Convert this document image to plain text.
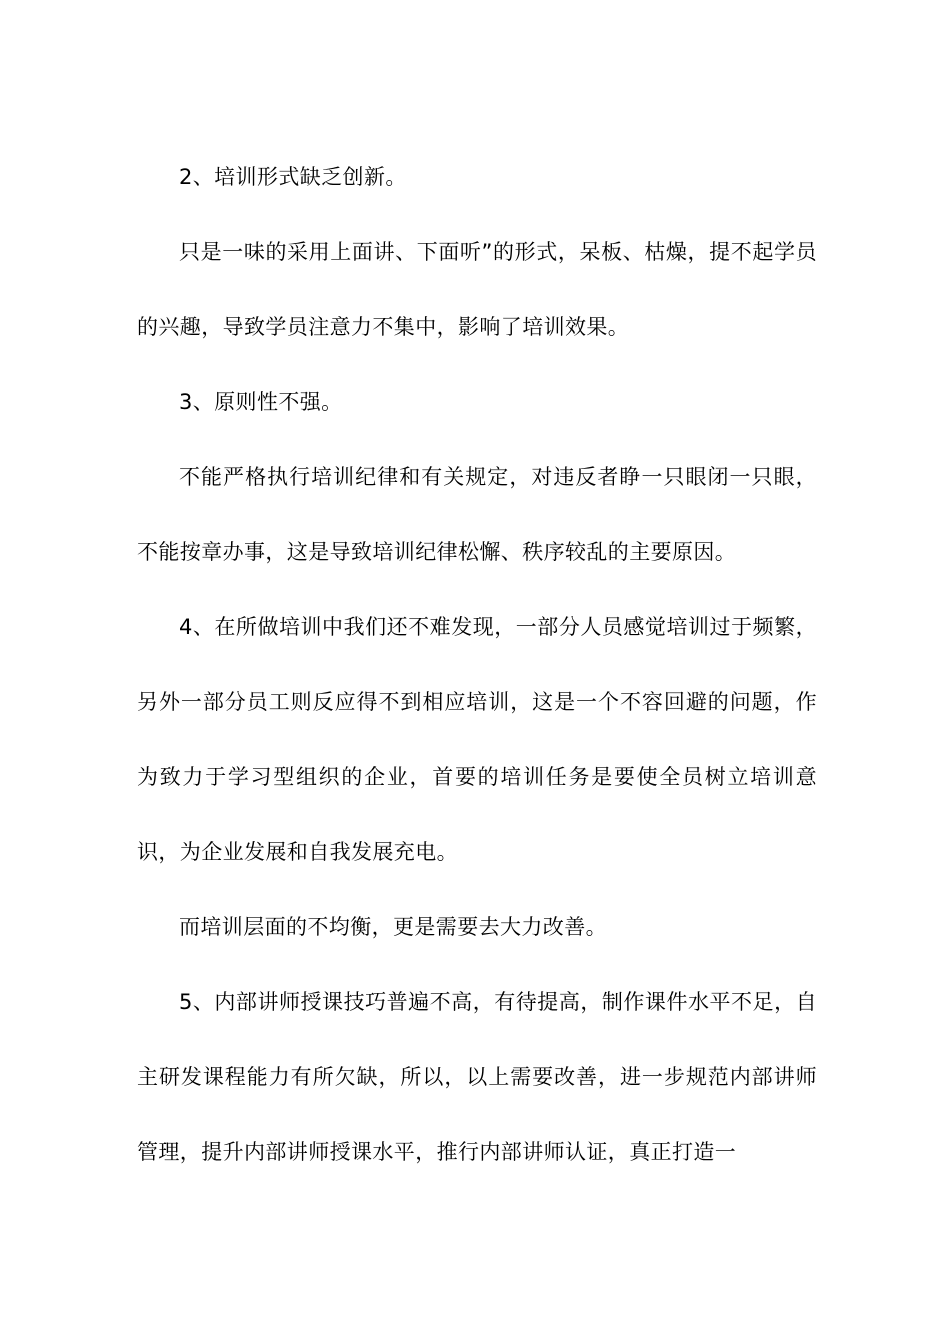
2、培训形式缺乏创新。

只是一味的采用上面讲、下面听”的形式，呆板、枯燥，提不起学员的兴趣，导致学员注意力不集中，影响了培训效果。

3、原则性不强。

不能严格执行培训纪律和有关规定，对违反者睁一只眼闭一只眼，不能按章办事，这是导致培训纪律松懈、秩序较乱的主要原因。

4、在所做培训中我们还不难发现，一部分人员感觉培训过于频繁，另外一部分员工则反应得不到相应培训，这是一个不容回避的问题，作为致力于学习型组织的企业，首要的培训任务是要使全员树立培训意识，为企业发展和自我发展充电。

而培训层面的不均衡，更是需要去大力改善。

5、内部讲师授课技巧普遍不高，有待提高，制作课件水平不足，自主研发课程能力有所欠缺，所以，以上需要改善，进一步规范内部讲师管理，提升内部讲师授课水平，推行内部讲师认证，真正打造一
